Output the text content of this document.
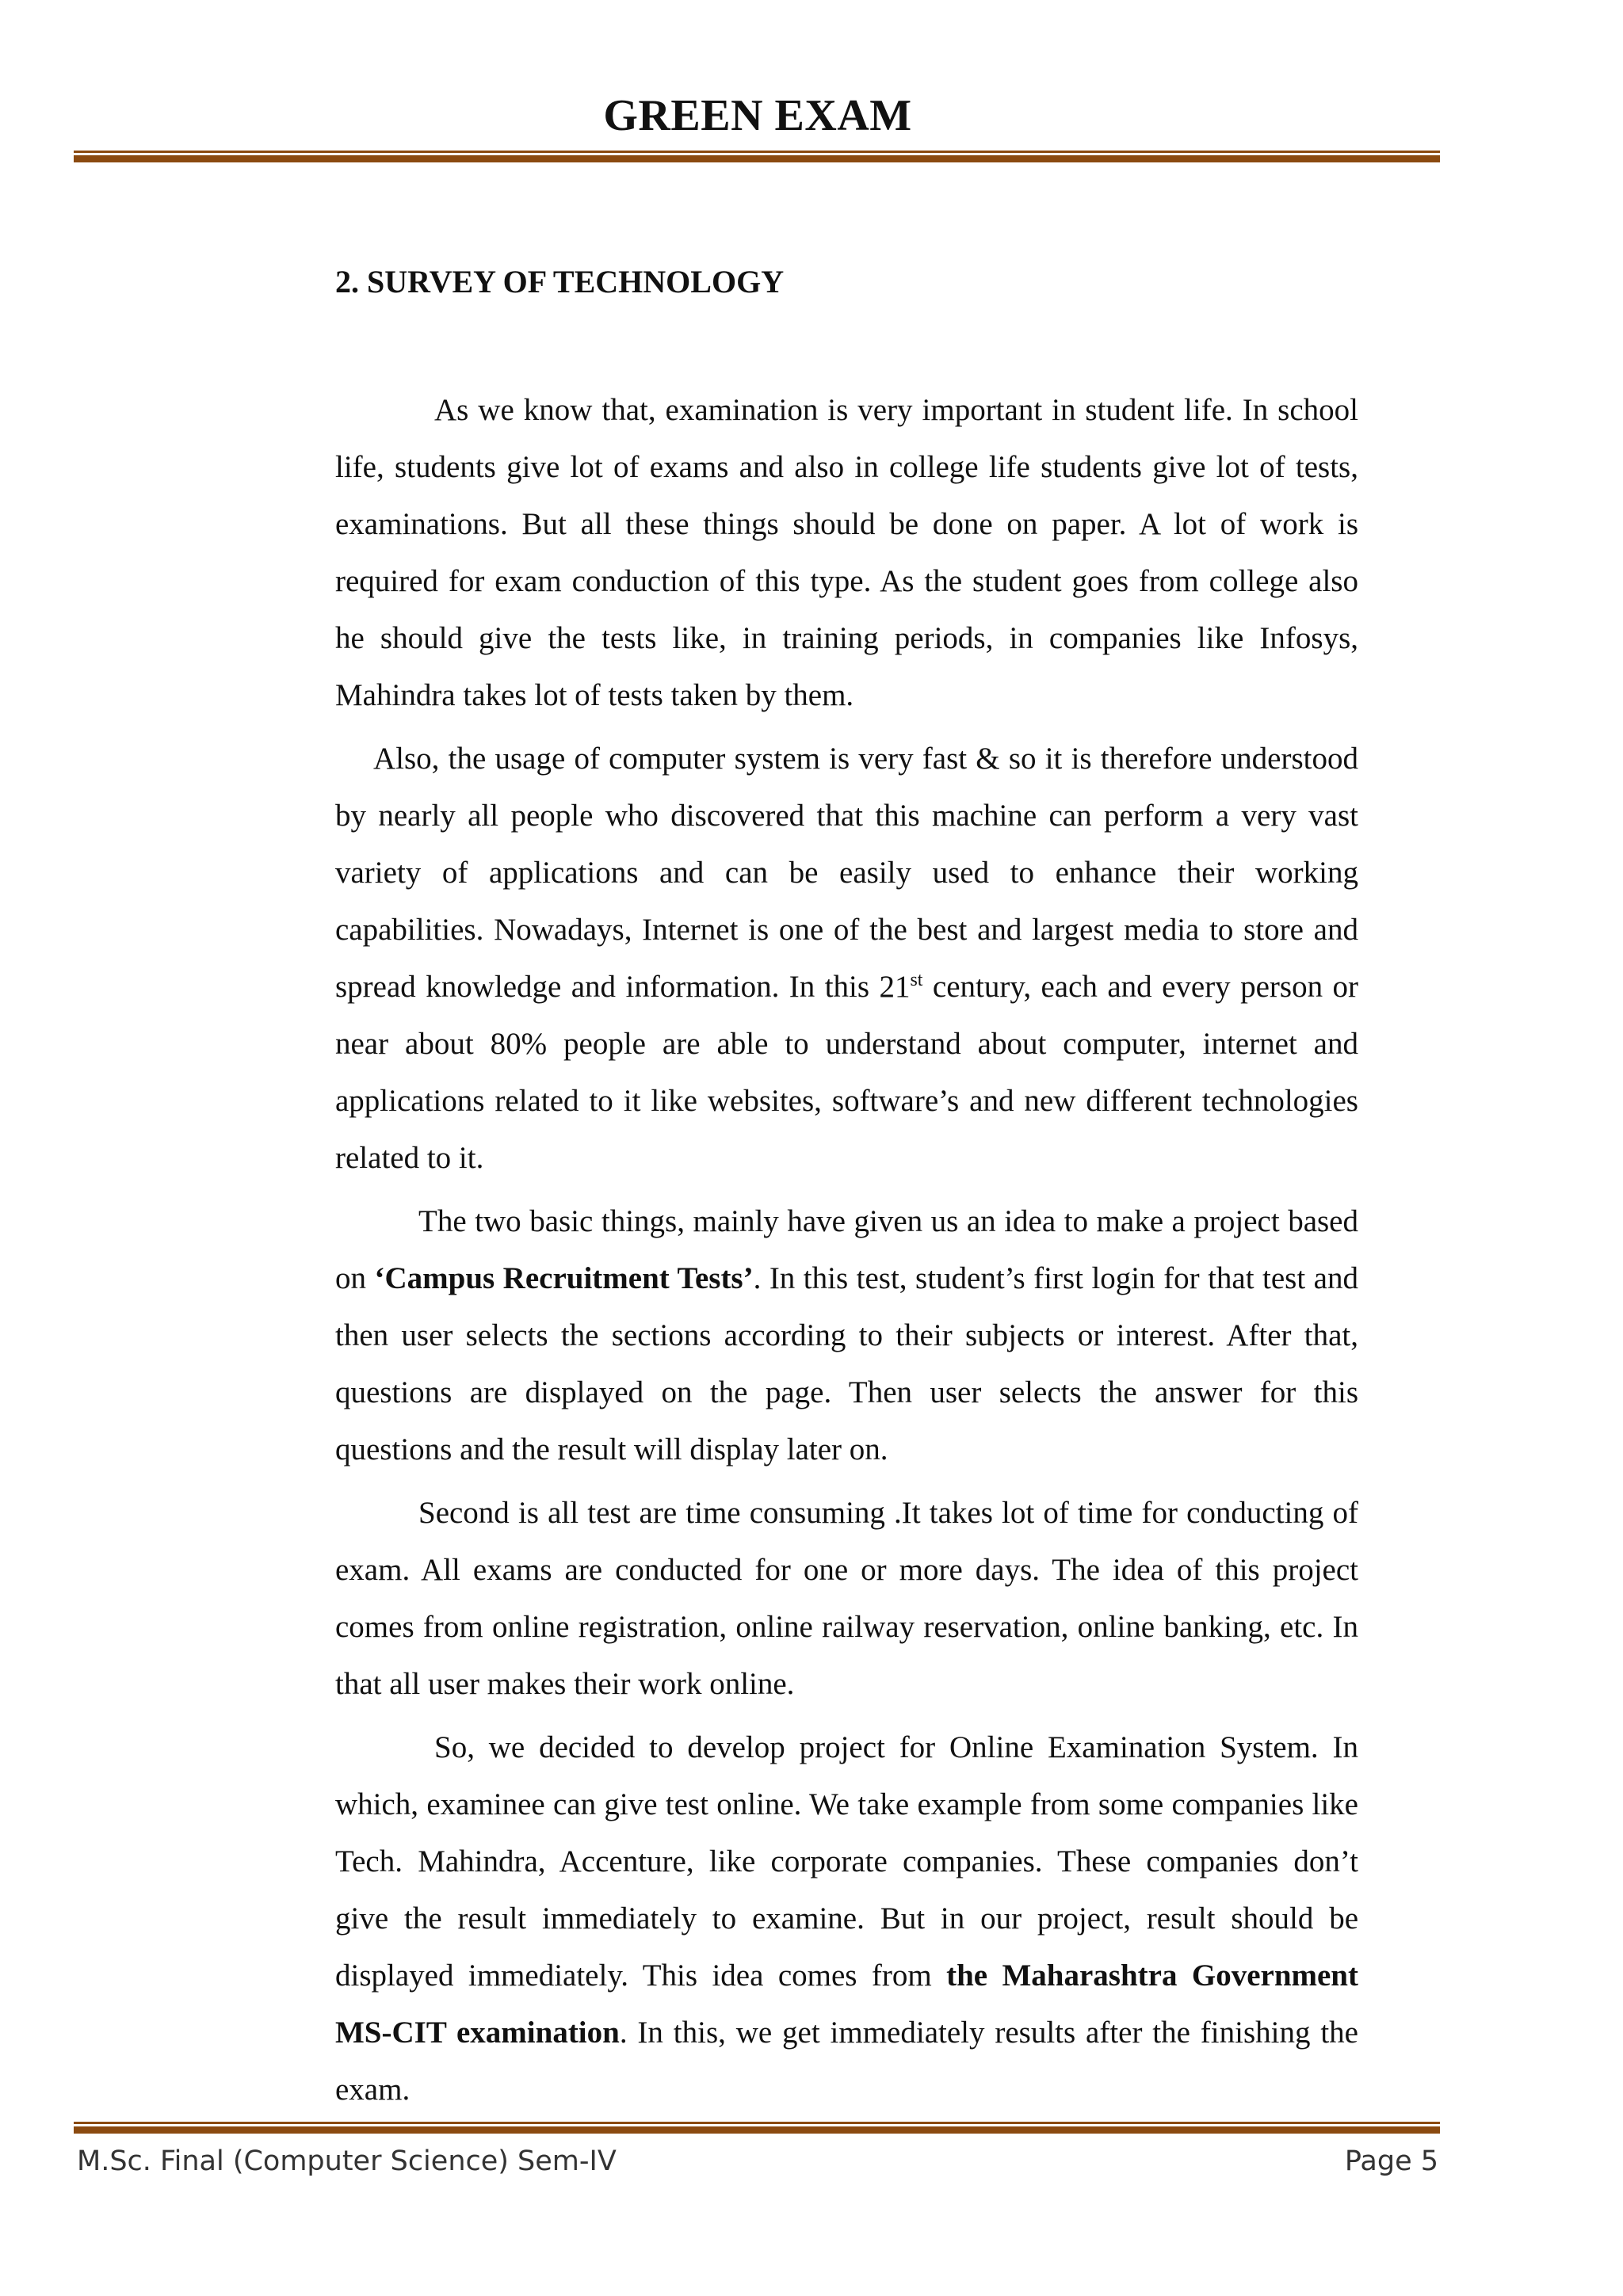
GREEN EXAM
2. SURVEY OF TECHNOLOGY

As we know that, examination is very important in student life. In school life, students give lot of exams and also in college life students give lot of tests, examinations. But all these things should be done on paper. A lot of work is required for exam conduction of this type. As the student goes from college also he should give the tests like, in training periods, in companies like Infosys, Mahindra takes lot of tests taken by them.

Also, the usage of computer system is very fast & so it is therefore understood by nearly all people who discovered that this machine can perform a very vast variety of applications and can be easily used to enhance their working capabilities. Nowadays, Internet is one of the best and largest media to store and spread knowledge and information. In this 21st century, each and every person or near about 80% people are able to understand about computer, internet and applications related to it like websites, software’s and new different technologies related to it.

The two basic things, mainly have given us an idea to make a project based on ‘Campus Recruitment Tests’. In this test, student’s first login for that test and then user selects the sections according to their subjects or interest. After that, questions are displayed on the page. Then user selects the answer for this questions and the result will display later on.

Second is all test are time consuming .It takes lot of time for conducting of exam. All exams are conducted for one or more days. The idea of this project comes from online registration, online railway reservation, online banking, etc. In that all user makes their work online.

So, we decided to develop project for Online Examination System. In which, examinee can give test online. We take example from some companies like Tech. Mahindra, Accenture, like corporate companies. These companies don’t give the result immediately to examine. But in our project, result should be displayed immediately. This idea comes from the Maharashtra Government MS-CIT examination. In this, we get immediately results after the finishing the exam.

M.Sc. Final (Computer Science) Sem-IV	Page 5
